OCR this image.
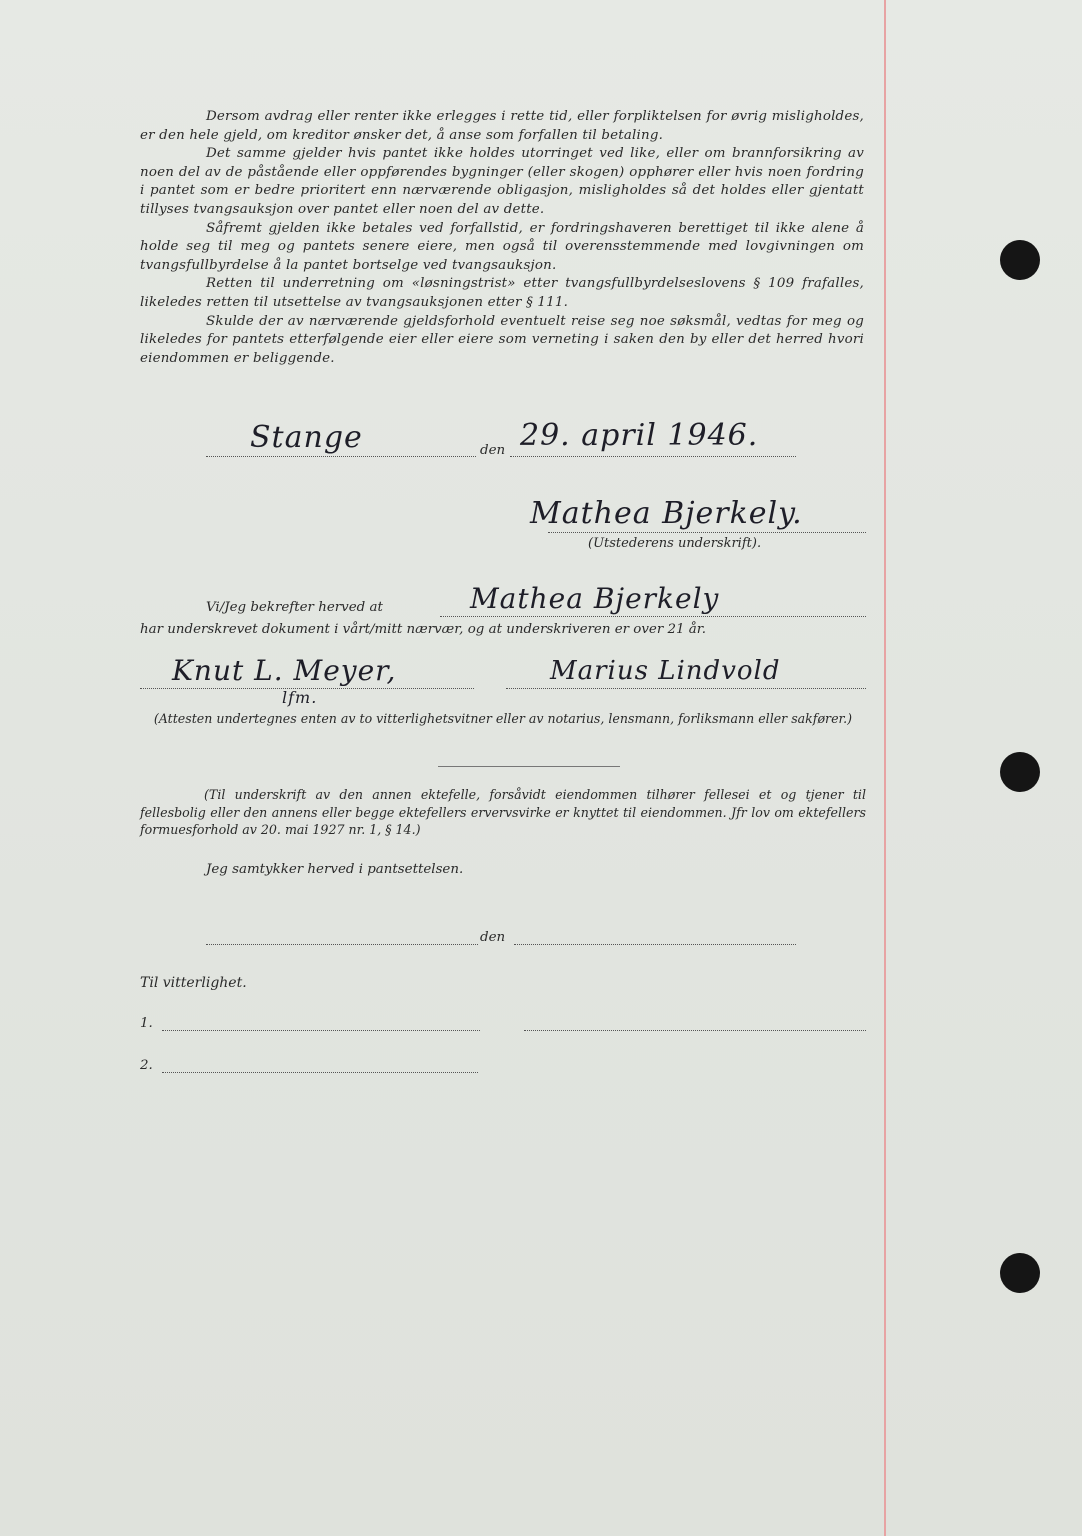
Dersom avdrag eller renter ikke erlegges i rette tid, eller forpliktelsen for øvrig misligholdes, er den hele gjeld, om kreditor ønsker det, å anse som forfallen til betaling.

Det samme gjelder hvis pantet ikke holdes utorringet ved like, eller om brannforsikring av noen del av de påstående eller oppførendes bygninger (eller skogen) opphører eller hvis noen fordring i pantet som er bedre prioritert enn nærværende obligasjon, misligholdes så det holdes eller gjentatt tillyses tvangsauksjon over pantet eller noen del av dette.

Såfremt gjelden ikke betales ved forfallstid, er fordringshaveren berettiget til ikke alene å holde seg til meg og pantets senere eiere, men også til overensstemmende med lovgivningen om tvangsfullbyrdelse å la pantet bortselge ved tvangsauksjon.

Retten til underretning om «løsningstrist» etter tvangsfullbyrdelseslovens § 109 frafalles, likeledes retten til utsettelse av tvangsauksjonen etter § 111.

Skulde der av nærværende gjeldsforhold eventuelt reise seg noe søksmål, vedtas for meg og likeledes for pantets etterfølgende eier eller eiere som verneting i saken den by eller det herred hvori eiendommen er beliggende.

Stange	den 29. april 1946.
Mathea Bjerkely.
(Utstederens underskrift).
Vi/Jeg bekrefter herved at	Mathea Bjerkely
har underskrevet dokument i vårt/mitt nærvær, og at underskriveren er over 21 år.
Knut L. Meyer,
lfm.
Marius Lindvold
(Attesten undertegnes enten av to vitterlighetsvitner eller av notarius, lensmann, forliksmann eller sakfører.)
(Til underskrift av den annen ektefelle, forsåvidt eiendommen tilhører fellesei et og tjener til fellesbolig eller den annens eller begge ektefellers ervervsvirke er knyttet til eiendommen. Jfr lov om ektefellers formuesforhold av 20. mai 1927 nr. 1, § 14.)
Jeg samtykker herved i pantsettelsen.
den
Til vitterlighet.
1.
2.
